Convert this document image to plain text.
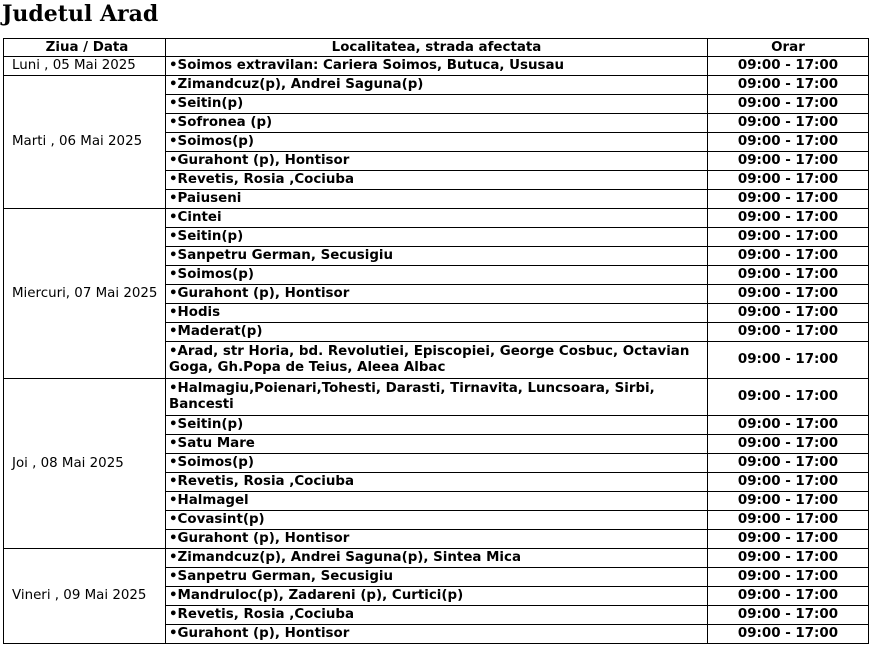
Judetul Arad
Ziua / Data	Localitatea, strada afectata	Orar
Luni , 05 Mai 2025	•Soimos extravilan: Cariera Soimos, Butuca, Ususau	09:00 - 17:00
Marti , 06 Mai 2025	•Zimandcuz(p), Andrei Saguna(p)	09:00 - 17:00
	•Seitin(p)	09:00 - 17:00
	•Sofronea (p)	09:00 - 17:00
	•Soimos(p)	09:00 - 17:00
	•Gurahont (p), Hontisor	09:00 - 17:00
	•Revetis, Rosia ,Cociuba	09:00 - 17:00
	•Paiuseni	09:00 - 17:00
Miercuri, 07 Mai 2025	•Cintei	09:00 - 17:00
	•Seitin(p)	09:00 - 17:00
	•Sanpetru German, Secusigiu	09:00 - 17:00
	•Soimos(p)	09:00 - 17:00
	•Gurahont (p), Hontisor	09:00 - 17:00
	•Hodis	09:00 - 17:00
	•Maderat(p)	09:00 - 17:00
	•Arad, str Horia, bd. Revolutiei, Episcopiei, George Cosbuc, Octavian Goga, Gh.Popa de Teius, Aleea Albac	09:00 - 17:00
Joi , 08 Mai 2025	•Halmagiu,Poienari,Tohesti, Darasti, Tirnavita, Luncsoara, Sirbi, Bancesti	09:00 - 17:00
	•Seitin(p)	09:00 - 17:00
	•Satu Mare	09:00 - 17:00
	•Soimos(p)	09:00 - 17:00
	•Revetis, Rosia ,Cociuba	09:00 - 17:00
	•Halmagel	09:00 - 17:00
	•Covasint(p)	09:00 - 17:00
	•Gurahont (p), Hontisor	09:00 - 17:00
Vineri , 09 Mai 2025	•Zimandcuz(p), Andrei Saguna(p), Sintea Mica	09:00 - 17:00
	•Sanpetru German, Secusigiu	09:00 - 17:00
	•Mandruloc(p), Zadareni (p), Curtici(p)	09:00 - 17:00
	•Revetis, Rosia ,Cociuba	09:00 - 17:00
	•Gurahont (p), Hontisor	09:00 - 17:00
